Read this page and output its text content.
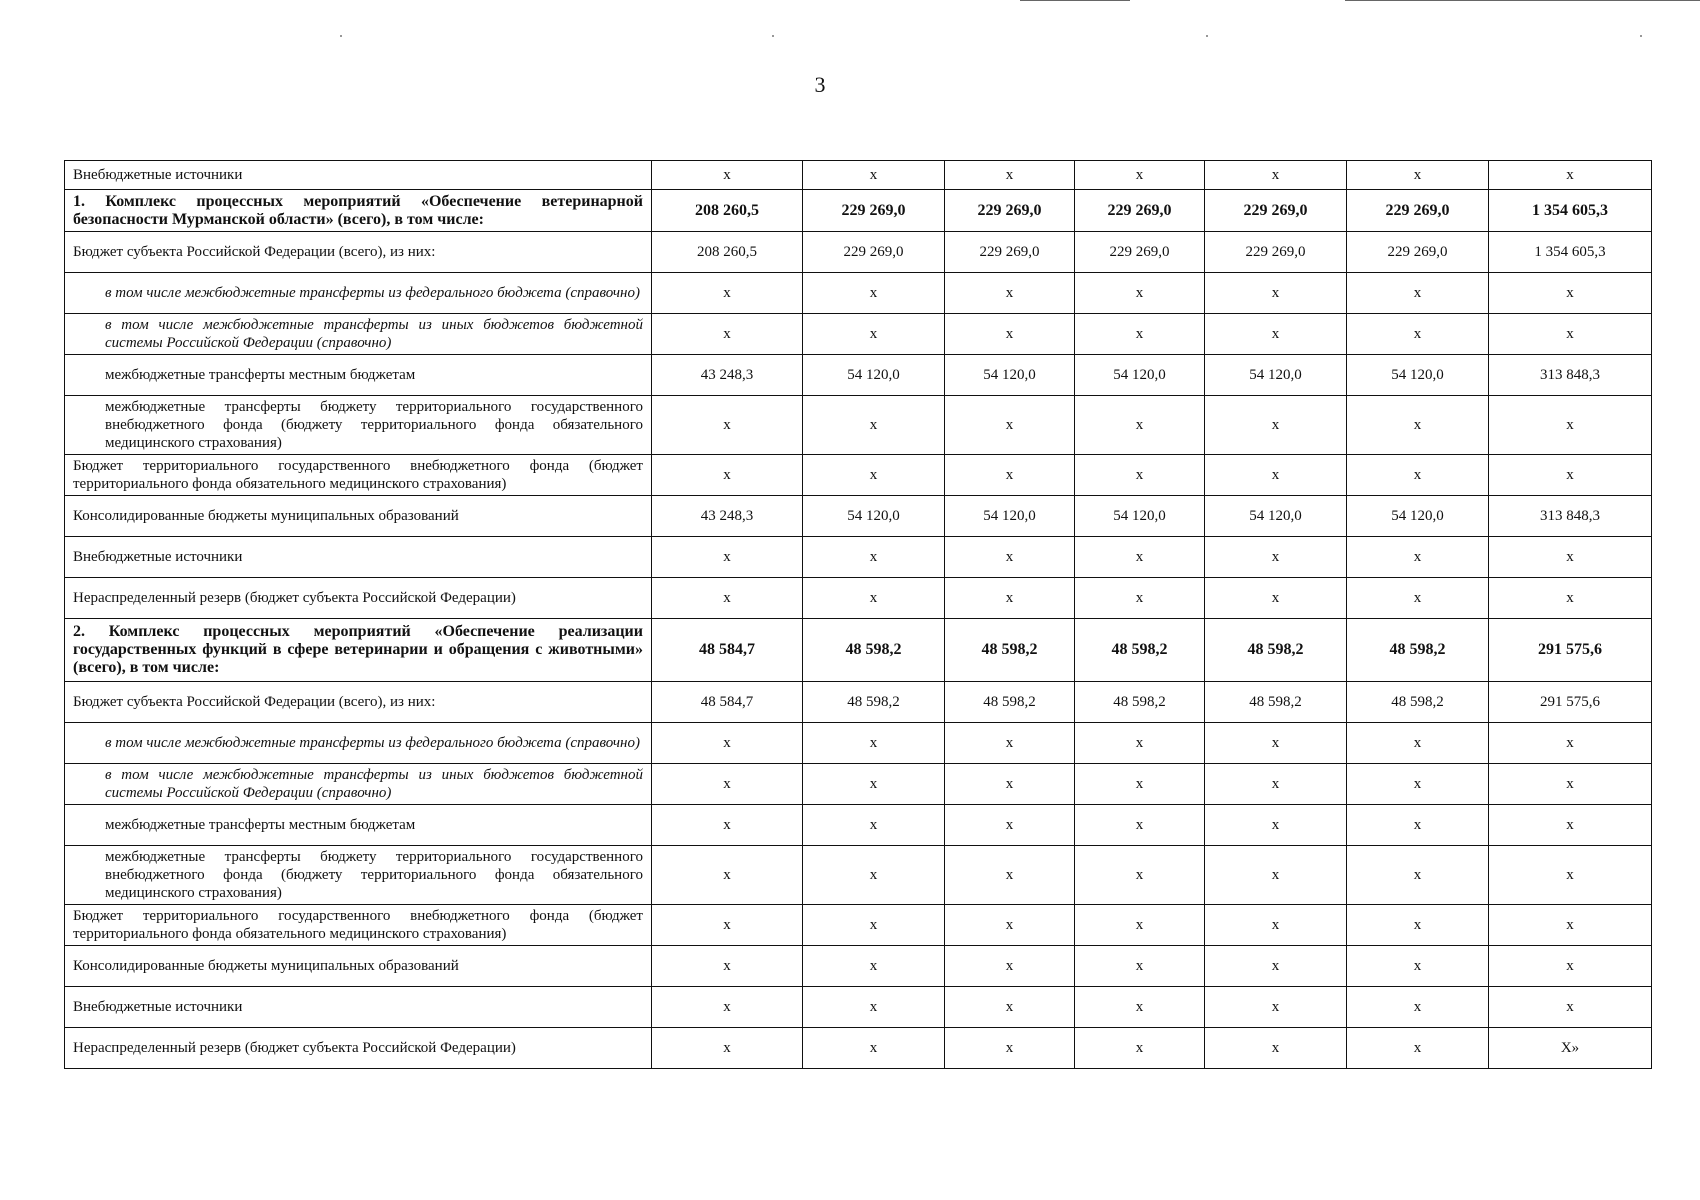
3
Внебюджетные источники	x	x	x	x	x	x	x
1. Комплекс процессных мероприятий «Обеспечение ветеринарной безопасности Мурманской области» (всего), в том числе:	208 260,5	229 269,0	229 269,0	229 269,0	229 269,0	229 269,0	1 354 605,3
Бюджет субъекта Российской Федерации (всего), из них:	208 260,5	229 269,0	229 269,0	229 269,0	229 269,0	229 269,0	1 354 605,3
в том числе межбюджетные трансферты из федерального бюджета (справочно)	x	x	x	x	x	x	x
в том числе межбюджетные трансферты из иных бюджетов бюджетной системы Российской Федерации (справочно)	x	x	x	x	x	x	x
межбюджетные трансферты местным бюджетам	43 248,3	54 120,0	54 120,0	54 120,0	54 120,0	54 120,0	313 848,3
межбюджетные трансферты бюджету территориального государственного внебюджетного фонда (бюджету территориального фонда обязательного медицинского страхования)	x	x	x	x	x	x	x
Бюджет территориального государственного внебюджетного фонда (бюджет территориального фонда обязательного медицинского страхования)	x	x	x	x	x	x	x
Консолидированные бюджеты муниципальных образований	43 248,3	54 120,0	54 120,0	54 120,0	54 120,0	54 120,0	313 848,3
Внебюджетные источники	x	x	x	x	x	x	x
Нераспределенный резерв (бюджет субъекта Российской Федерации)	x	x	x	x	x	x	x
2. Комплекс процессных мероприятий «Обеспечение реализации государственных функций в сфере ветеринарии и обращения с животными» (всего), в том числе:	48 584,7	48 598,2	48 598,2	48 598,2	48 598,2	48 598,2	291 575,6
Бюджет субъекта Российской Федерации (всего), из них:	48 584,7	48 598,2	48 598,2	48 598,2	48 598,2	48 598,2	291 575,6
в том числе межбюджетные трансферты из федерального бюджета (справочно)	x	x	x	x	x	x	x
в том числе межбюджетные трансферты из иных бюджетов бюджетной системы Российской Федерации (справочно)	x	x	x	x	x	x	x
межбюджетные трансферты местным бюджетам	x	x	x	x	x	x	x
межбюджетные трансферты бюджету территориального государственного внебюджетного фонда (бюджету территориального фонда обязательного медицинского страхования)	x	x	x	x	x	x	x
Бюджет территориального государственного внебюджетного фонда (бюджет территориального фонда обязательного медицинского страхования)	x	x	x	x	x	x	x
Консолидированные бюджеты муниципальных образований	x	x	x	x	x	x	x
Внебюджетные источники	x	x	x	x	x	x	x
Нераспределенный резерв (бюджет субъекта Российской Федерации)	x	x	x	x	x	x	Х»
